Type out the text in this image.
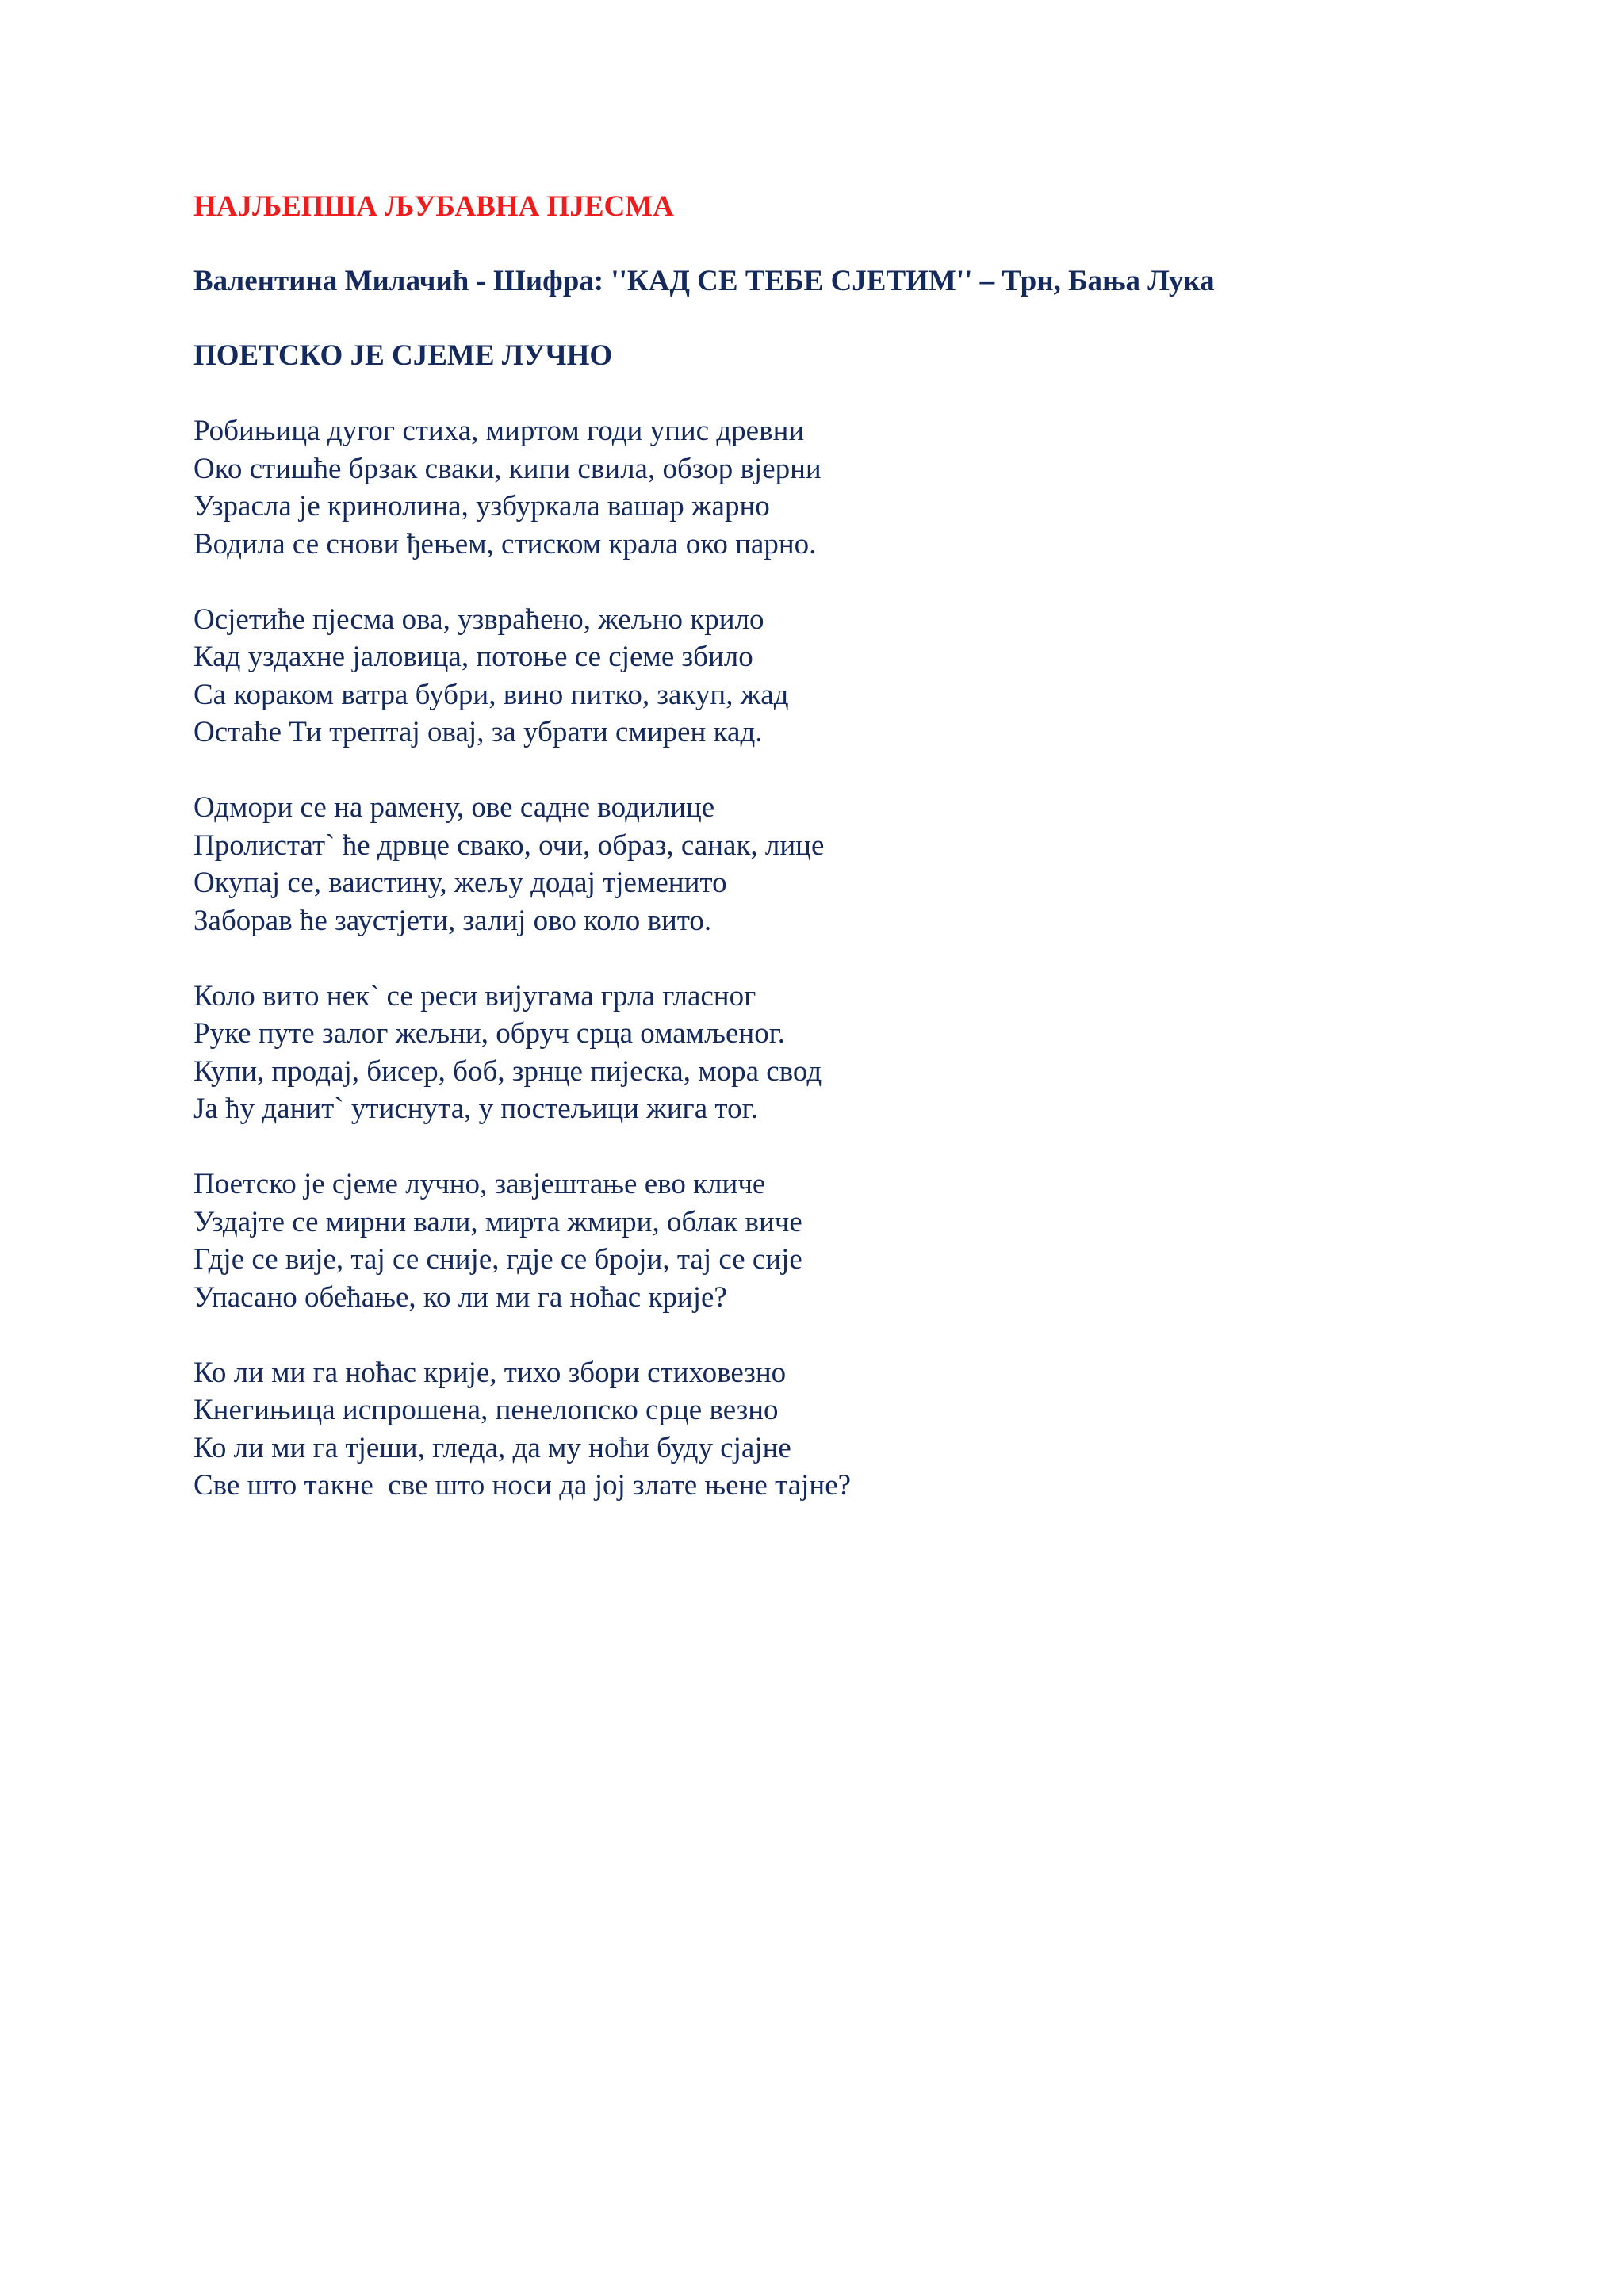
НАЈЉЕПША ЉУБАВНА ПЈЕСМА
Валентина Милачић - Шифра: ''КАД СЕ ТЕБЕ СЈЕТИМ'' – Трн, Бања Лука
ПОЕТСКО ЈЕ СЈЕМЕ ЛУЧНО
Робињица дугог стиха, миртом годи упис древни
Око стишће брзак сваки, кипи свила, обзор вјерни
Узрасла је кринолина, узбуркала вашар жарно
Водила се снови ђењем, стиском крала око парно.
Осјетиће пјесма ова, узвраћено, жељно крило
Кад уздахне јаловица, потоње се сјеме збило
Са кораком ватра бубри, вино питко, закуп, жад
Остаће Ти трептај овај, за убрати смирен кад.
Одмори се на рамену, ове садне водилице
Пролистат` ће дрвце свако, очи, образ, санак, лице
Окупај се, ваистину, жељу додај тјеменито
Заборав ће заустјети, залиј ово коло вито.
Коло вито нек` се реси вијугама грла гласног
Руке путе залог жељни, обруч срца омамљеног.
Купи, продај, бисер, боб, зрнце пијеска, мора свод
Ја ћу данит` утиснута, у постељици жига тог.
Поетско је сјеме лучно, завјештање ево кличе
Уздајте се мирни вали, мирта жмири, облак виче
Гдје се вије, тај се сније, гдје се броји, тај се сије
Упасано обећање, ко ли ми га ноћас крије?
Ко ли ми га ноћас крије, тихо збори стиховезно
Кнегињица испрошена, пенелопско срце везно
Ко ли ми га тјеши, гледа, да му ноћи буду сјајне
Све што такне  све што носи да јој злате њене тајне?
